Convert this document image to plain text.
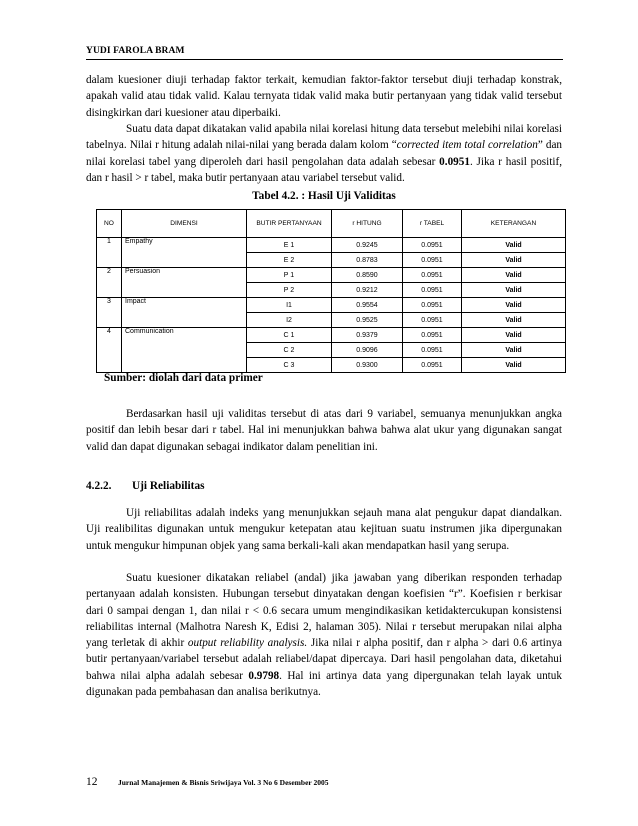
YUDI FAROLA BRAM
dalam kuesioner diuji terhadap faktor terkait, kemudian faktor-faktor tersebut diuji terhadap konstrak, apakah valid atau tidak valid. Kalau ternyata tidak valid maka butir pertanyaan yang tidak valid tersebut disingkirkan dari kuesioner atau diperbaiki.
Suatu data dapat dikatakan valid apabila nilai korelasi hitung data tersebut melebihi nilai korelasi tabelnya. Nilai r hitung adalah nilai-nilai yang berada dalam kolom “corrected item total correlation” dan nilai korelasi tabel yang diperoleh dari hasil pengolahan data adalah sebesar 0.0951. Jika r hasil positif, dan r hasil > r tabel, maka butir pertanyaan atau variabel tersebut valid.
Tabel 4.2. : Hasil Uji Validitas
NO	DIMENSI	BUTIR PERTANYAAN	r HITUNG	r TABEL	KETERANGAN
1	Empathy	E 1	0.9245	0.0951	Valid
		E 2	0.8783	0.0951	Valid
2	Persuasion	P 1	0.8590	0.0951	Valid
		P 2	0.9212	0.0951	Valid
3	Impact	I1	0.9554	0.0951	Valid
		I2	0.9525	0.0951	Valid
4	Communication	C 1	0.9379	0.0951	Valid
		C 2	0.9096	0.0951	Valid
		C 3	0.9300	0.0951	Valid
Sumber: diolah dari data primer
Berdasarkan hasil uji validitas tersebut di atas dari 9 variabel, semuanya menunjukkan angka positif dan lebih besar dari r tabel. Hal ini menunjukkan bahwa bahwa alat ukur yang digunakan sangat valid dan dapat digunakan sebagai indikator dalam penelitian ini.
4.2.2. Uji Reliabilitas
Uji reliabilitas adalah indeks yang menunjukkan sejauh mana alat pengukur dapat diandalkan. Uji realibilitas digunakan untuk mengukur ketepatan atau kejituan suatu instrumen jika dipergunakan untuk mengukur himpunan objek yang sama berkali-kali akan mendapatkan hasil yang serupa.
Suatu kuesioner dikatakan reliabel (andal) jika jawaban yang diberikan responden terhadap pertanyaan adalah konsisten. Hubungan tersebut dinyatakan dengan koefisien “r”. Koefisien r berkisar dari 0 sampai dengan 1, dan nilai r < 0.6 secara umum mengindikasikan ketidaktercukupan konsistensi reliabilitas internal (Malhotra Naresh K, Edisi 2, halaman 305). Nilai r tersebut merupakan nilai alpha yang terletak di akhir output reliability analysis. Jika nilai r alpha positif, dan r alpha > dari 0.6 artinya butir pertanyaan/variabel tersebut adalah reliabel/dapat dipercaya. Dari hasil pengolahan data, diketahui bahwa nilai alpha adalah sebesar 0.9798. Hal ini artinya data yang dipergunakan telah layak untuk digunakan pada pembahasan dan analisa berikutnya.
12	Jurnal Manajemen & Bisnis Sriwijaya Vol. 3 No 6 Desember 2005
